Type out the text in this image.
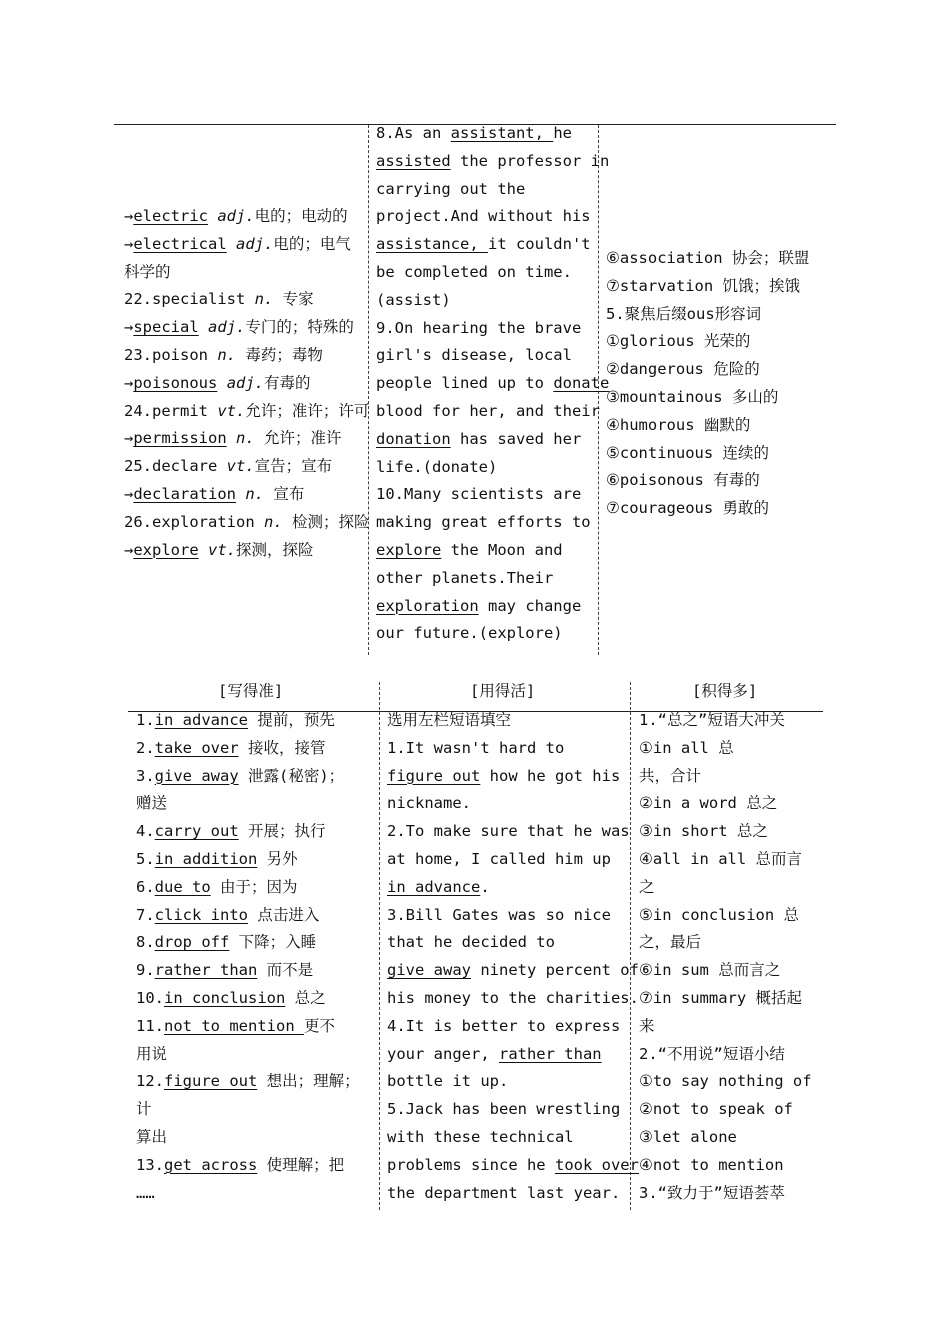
[写得准]	[用得活]	[积得多]
→electric adj.电的；电动的
→electrical adj.电的；电气
科学的
22.specialist n. 专家
→special adj.专门的；特殊的
23.poison n. 毒药；毒物
→poisonous adj.有毒的
24.permit vt.允许；准许；许可
→permission n. 允许；准许
25.declare vt.宣告；宣布
→declaration n. 宣布
26.exploration n. 检测；探险
→explore vt.探测，探险
8.As an assistant, he
assisted the professor in
carrying out the
project.And without his
assistance, it couldn't
be completed on time.
(assist)
9.On hearing the brave
girl's disease, local
people lined up to donate
blood for her, and their
donation has saved her
life.(donate)
10.Many scientists are
making great efforts to
explore the Moon and
other planets.Their
exploration may change
our future.(explore)
⑥association 协会；联盟
⑦starvation 饥饿；挨饿
5.聚焦后缀ous形容词
①glorious 光荣的
②dangerous 危险的
③mountainous 多山的
④humorous 幽默的
⑤continuous 连续的
⑥poisonous 有毒的
⑦courageous 勇敢的
1.in advance 提前，预先
2.take over 接收，接管
3.give away 泄露(秘密)；
赠送
4.carry out 开展；执行
5.in addition 另外
6.due to 由于；因为
7.click into 点击进入
8.drop off 下降；入睡
9.rather than 而不是
10.in conclusion 总之
11.not to mention 更不
用说
12.figure out 想出；理解；
计
算出
13.get across 使理解；把
……
选用左栏短语填空
1.It wasn't hard to
figure out how he got his
nickname.
2.To make sure that he was
at home, I called him up
in advance.
3.Bill Gates was so nice
that he decided to
give away ninety percent of
his money to the charities.
4.It is better to express
your anger, rather than
bottle it up.
5.Jack has been wrestling
with these technical
problems since he took over
the department last year.
1.“总之”短语大冲关
①in all 总
共，合计
②in a word 总之
③in short 总之
④all in all 总而言
之
⑤in conclusion 总
之，最后
⑥in sum 总而言之
⑦in summary 概括起
来
2.“不用说”短语小结
①to say nothing of
②not to speak of
③let alone
④not to mention
3.“致力于”短语荟萃
